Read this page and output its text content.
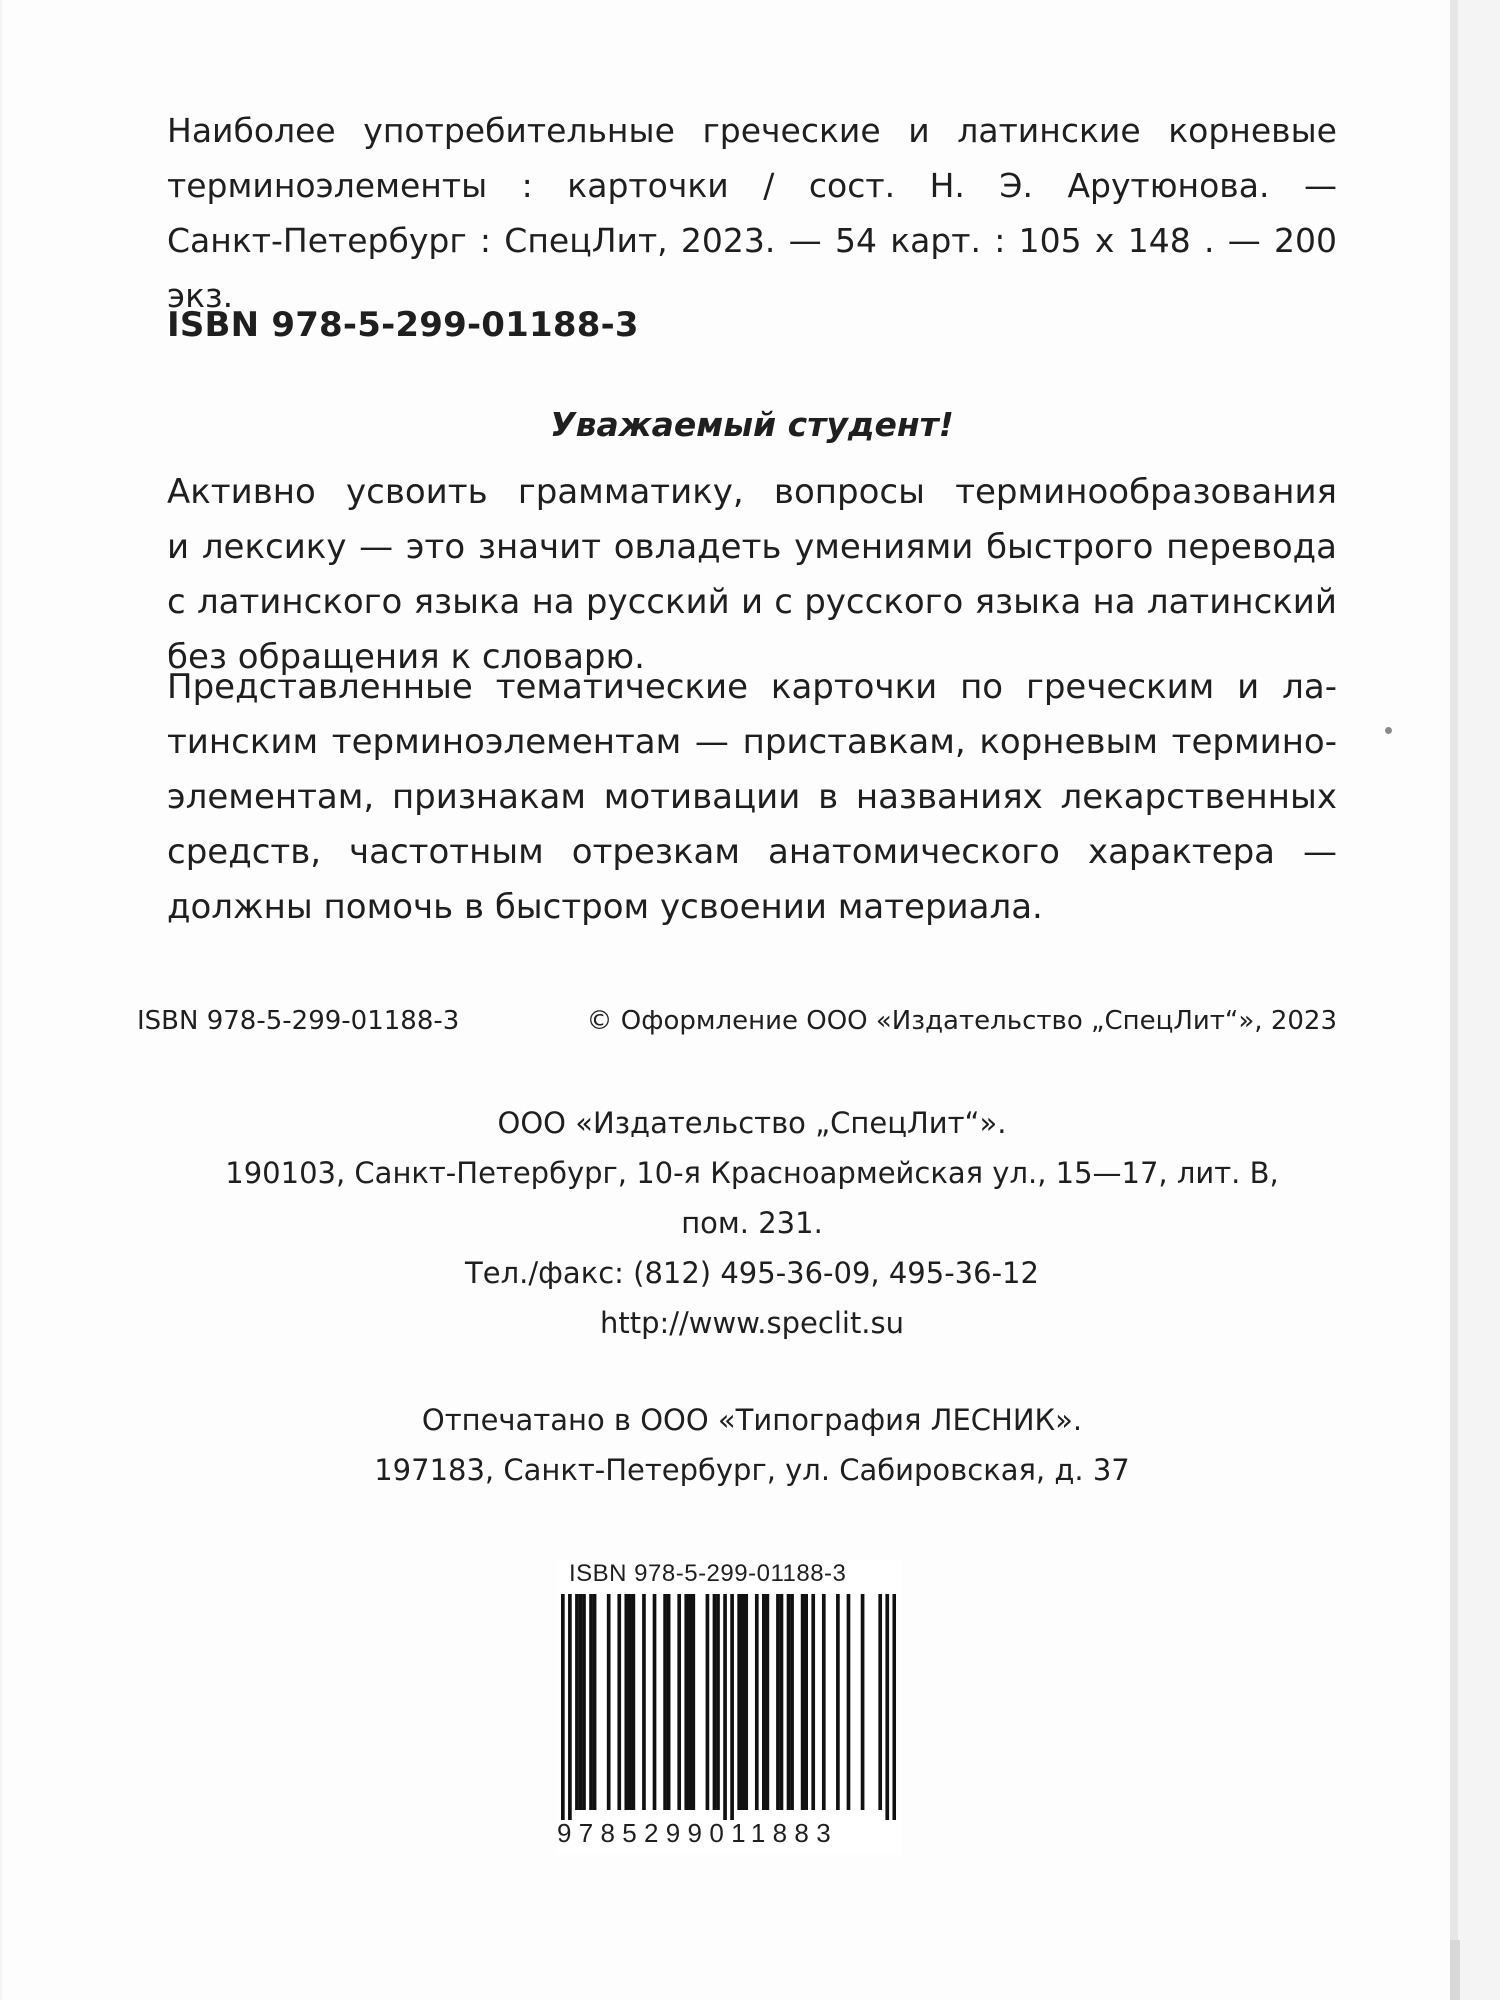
Наиболее употребительные греческие и латинские корневые
терминоэлементы : карточки / сост. Н. Э. Арутюнова. —
Санкт-Петербург : СпецЛит, 2023. — 54 карт. : 105 x 148 . — 200 экз.
ISBN 978-5-299-01188-3
Уважаемый студент!
Активно усвоить грамматику, вопросы терминообразования
и лексику — это значит овладеть умениями быстрого перевода
с латинского языка на русский и с русского языка на латинский
без обращения к словарю.
Представленные тематические карточки по греческим и ла-
тинским терминоэлементам — приставкам, корневым термино-
элементам, признакам мотивации в названиях лекарственных
средств, частотным отрезкам анатомического характера —
должны помочь в быстром усвоении материала.
ISBN 978-5-299-01188-3	© Оформление ООО «Издательство „СпецЛит“», 2023
ООО «Издательство „СпецЛит“».
190103, Санкт-Петербург, 10-я Красноармейская ул., 15—17, лит. В,
пом. 231.
Тел./факс: (812) 495-36-09, 495-36-12
http://www.speclit.su
Отпечатано в ООО «Типография ЛЕСНИК».
197183, Санкт-Петербург, ул. Сабировская, д. 37
ISBN 978-5-299-01188-3
9785299011883
